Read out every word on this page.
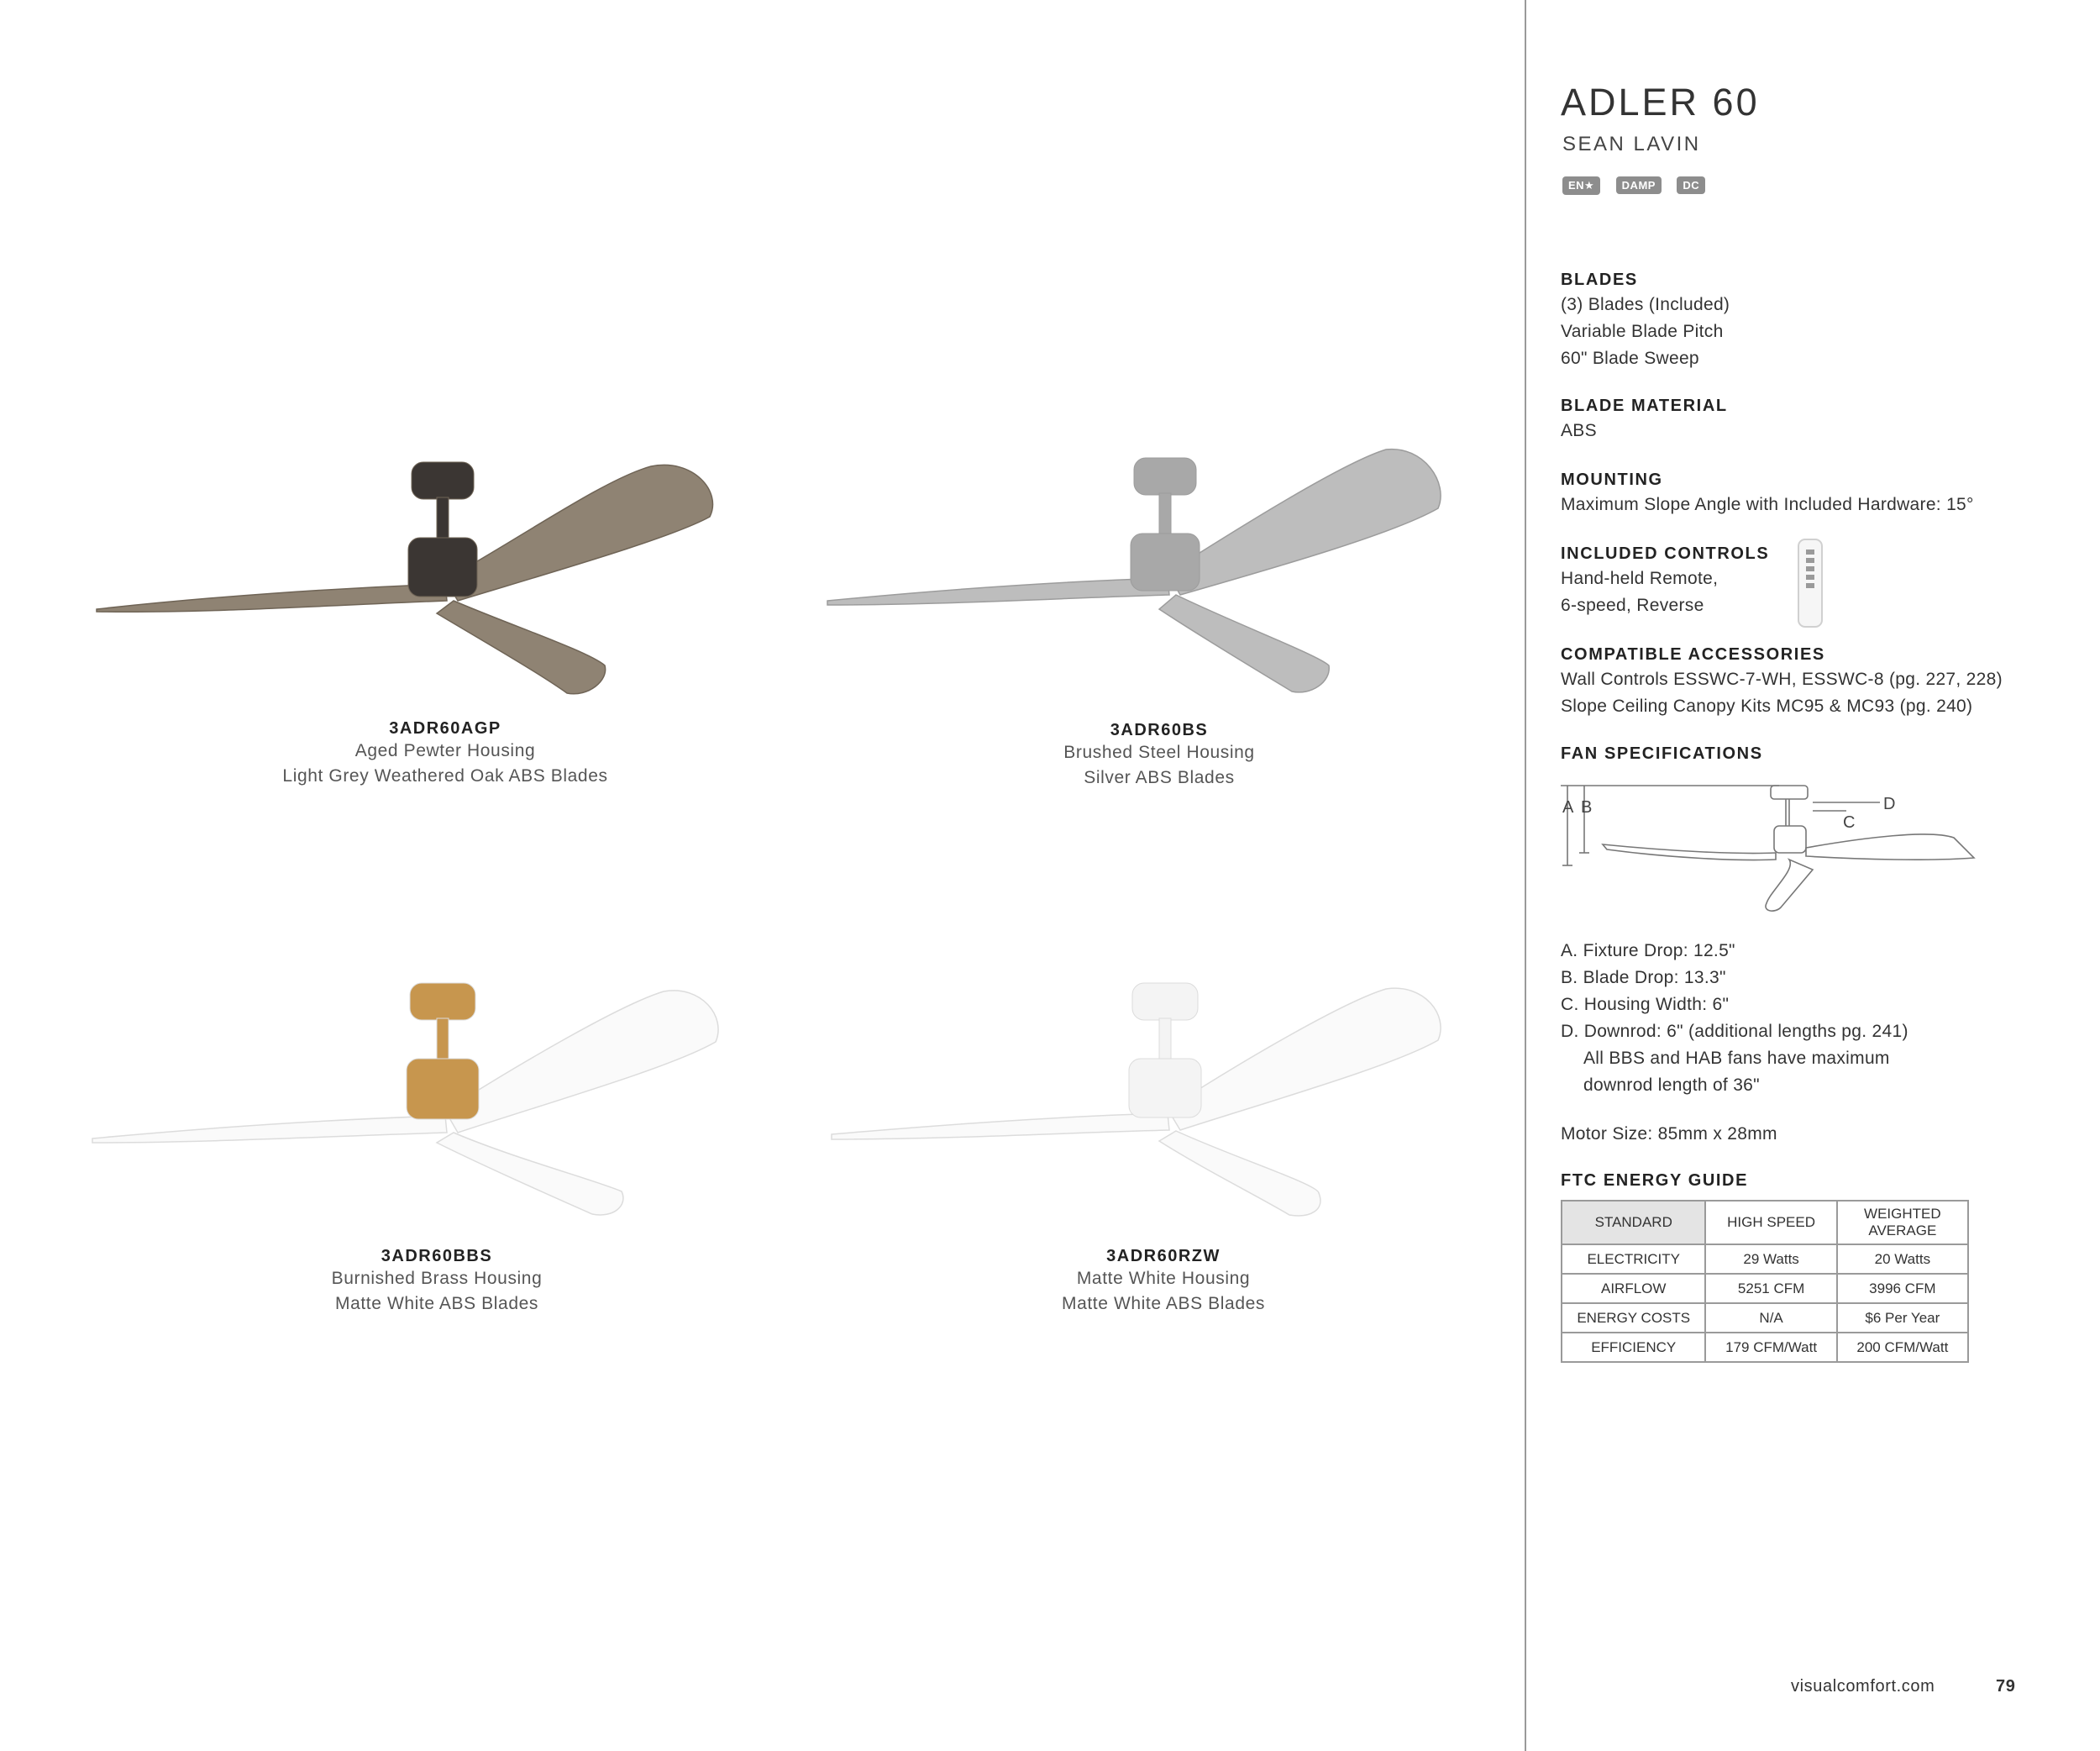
3ADR60AGP
Aged Pewter Housing
Light Grey Weathered Oak ABS Blades
3ADR60BS
Brushed Steel Housing
Silver ABS Blades
3ADR60BBS
Burnished Brass Housing
Matte White ABS Blades
3ADR60RZW
Matte White Housing
Matte White ABS Blades
ADLER 60
SEAN LAVIN
EN★ DAMP DC
BLADES
(3) Blades (Included)
Variable Blade Pitch
60" Blade Sweep
BLADE MATERIAL
ABS
MOUNTING
Maximum Slope Angle with Included Hardware: 15°
INCLUDED CONTROLS
Hand-held Remote,
6-speed, Reverse
COMPATIBLE ACCESSORIES
Wall Controls ESSWC-7-WH, ESSWC-8 (pg. 227, 228)
Slope Ceiling Canopy Kits MC95 & MC93 (pg. 240)
FAN SPECIFICATIONS
A B
C
D
A. Fixture Drop: 12.5"
B. Blade Drop: 13.3"
C. Housing Width: 6"
D. Downrod: 6" (additional lengths pg. 241)
All BBS and HAB fans have maximum
downrod length of 36"
Motor Size: 85mm x 28mm
FTC ENERGY GUIDE
STANDARD	HIGH SPEED	WEIGHTED
AVERAGE

ELECTRICITY	29 Watts	20 Watts
AIRFLOW	5251 CFM	3996 CFM
ENERGY COSTS	N/A	$6 Per Year
EFFICIENCY	179 CFM/Watt	200 CFM/Watt
visualcomfort.com	79
